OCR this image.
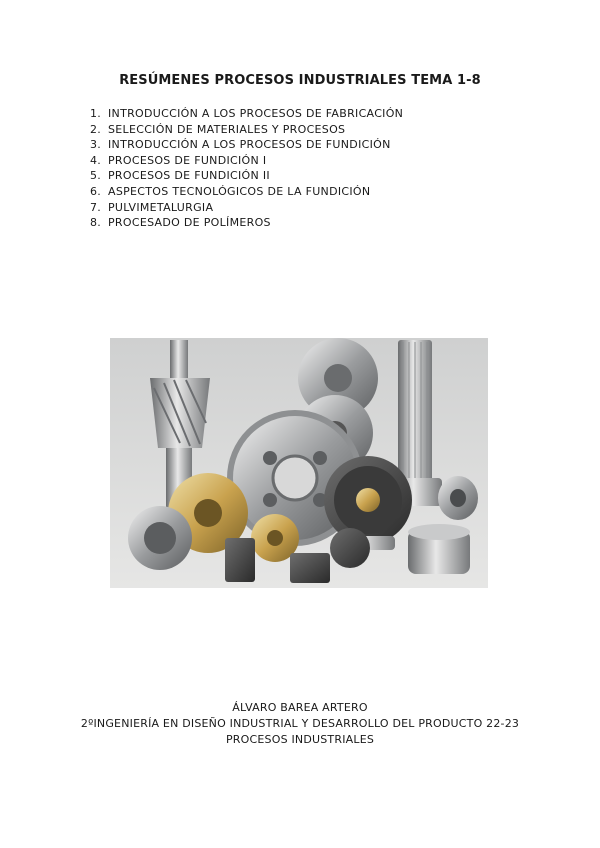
RESÚMENES PROCESOS INDUSTRIALES TEMA 1-8
1. INTRODUCCIÓN A LOS PROCESOS DE FABRICACIÓN
2. SELECCIÓN DE MATERIALES Y PROCESOS
3. INTRODUCCIÓN A LOS PROCESOS DE FUNDICIÓN
4. PROCESOS DE FUNDICIÓN I
5. PROCESOS DE FUNDICIÓN II
6. ASPECTOS TECNOLÓGICOS DE LA FUNDICIÓN
7. PULVIMETALURGIA
8. PROCESADO DE POLÍMEROS
ÁLVARO BAREA ARTERO
2ºINGENIERÍA EN DISEÑO INDUSTRIAL Y DESARROLLO DEL PRODUCTO 22-23
PROCESOS INDUSTRIALES
